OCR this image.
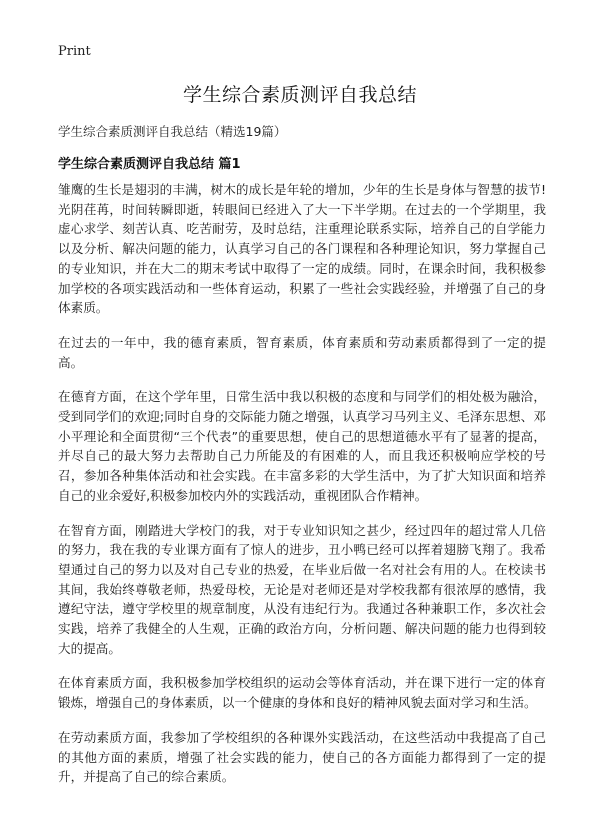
Print
学生综合素质测评自我总结

学生综合素质测评自我总结（精选19篇）

学生综合素质测评自我总结 篇1

雏鹰的生长是翅羽的丰满，树木的成长是年轮的增加，少年的生长是身体与智慧的拔节!光阴荏苒，时间转瞬即逝，转眼间已经进入了大一下半学期。在过去的一个学期里，我虚心求学、刻苦认真、吃苦耐劳，及时总结，注重理论联系实际，培养自己的自学能力以及分析、解决问题的能力，认真学习自己的各门课程和各种理论知识，努力掌握自己的专业知识，并在大二的期末考试中取得了一定的成绩。同时，在课余时间，我积极参加学校的各项实践活动和一些体育运动，积累了一些社会实践经验，并增强了自己的身体素质。

在过去的一年中，我的德育素质，智育素质，体育素质和劳动素质都得到了一定的提高。

在德育方面，在这个学年里，日常生活中我以积极的态度和与同学们的相处极为融洽，受到同学们的欢迎;同时自身的交际能力随之增强，认真学习马列主义、毛泽东思想、邓小平理论和全面贯彻“三个代表”的重要思想，使自己的思想道德水平有了显著的提高，并尽自己的最大努力去帮助自己力所能及的有困难的人，而且我还积极响应学校的号召，参加各种集体活动和社会实践。在丰富多彩的大学生活中，为了扩大知识面和培养自己的业余爱好,积极参加校内外的实践活动，重视团队合作精神。

在智育方面，刚踏进大学校门的我，对于专业知识知之甚少，经过四年的超过常人几倍的努力，我在我的专业课方面有了惊人的进步，丑小鸭已经可以挥着翅膀飞翔了。我希望通过自己的努力以及对自己专业的热爱，在毕业后做一名对社会有用的人。在校读书其间，我始终尊敬老师，热爱母校，无论是对老师还是对学校我都有很浓厚的感情，我遵纪守法，遵守学校里的规章制度，从没有违纪行为。我通过各种兼职工作，多次社会实践，培养了我健全的人生观，正确的政治方向，分析问题、解决问题的能力也得到较大的提高。

在体育素质方面，我积极参加学校组织的运动会等体育活动，并在课下进行一定的体育锻炼，增强自己的身体素质，以一个健康的身体和良好的精神风貌去面对学习和生活。

在劳动素质方面，我参加了学校组织的各种课外实践活动，在这些活动中我提高了自己的其他方面的素质，增强了社会实践的能力，使自己的各方面能力都得到了一定的提升，并提高了自己的综合素质。
